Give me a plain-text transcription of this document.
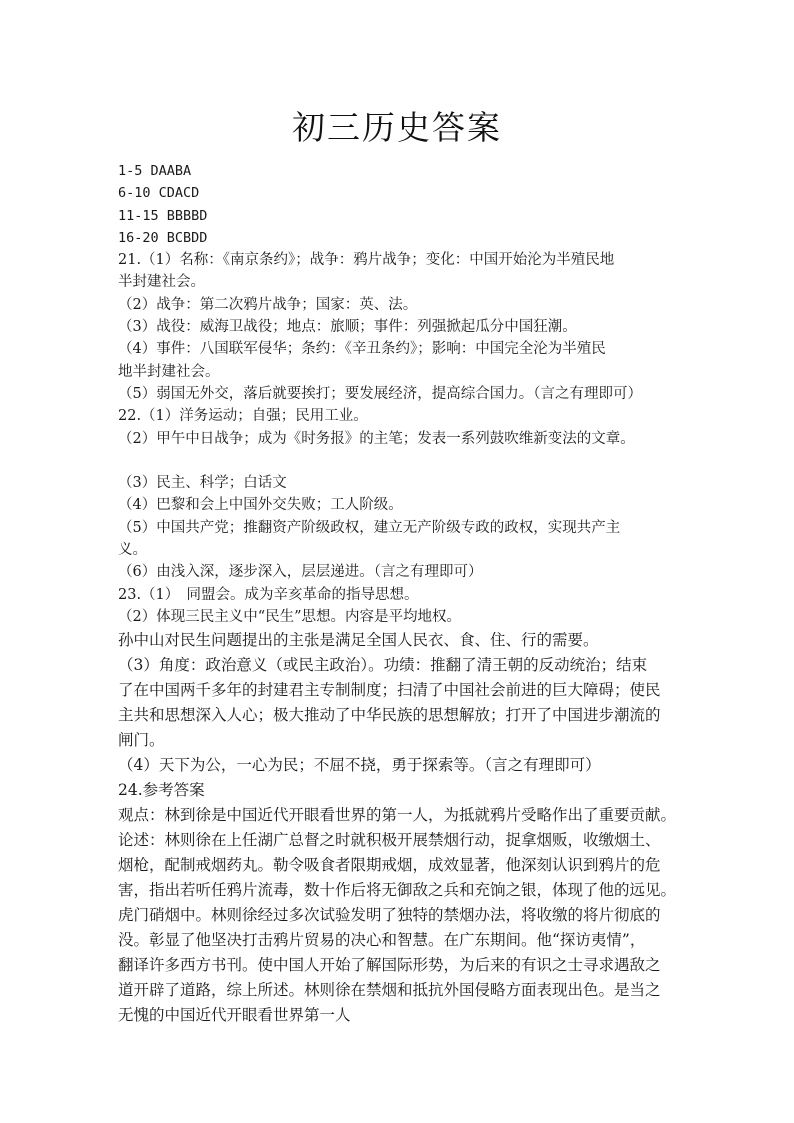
初三历史答案
1-5 DAABA
6-10 CDACD
11-15 BBBBD
16-20 BCBDD
21.（1）名称：《南京条约》；战争：鸦片战争；变化：中国开始沦为半殖民地
半封建社会。
（2）战争：第二次鸦片战争；国家：英、法。
（3）战役：威海卫战役；地点：旅顺；事件：列强掀起瓜分中国狂潮。
（4）事件：八国联军侵华；条约：《辛丑条约》；影响：中国完全沦为半殖民
地半封建社会。
（5）弱国无外交，落后就要挨打；要发展经济，提高综合国力。（言之有理即可）
22.（1）洋务运动；自强；民用工业。
（2）甲午中日战争；成为《时务报》的主笔；发表一系列鼓吹维新变法的文章。
（3）民主、科学；白话文
（4）巴黎和会上中国外交失败；工人阶级。
（5）中国共产党；推翻资产阶级政权，建立无产阶级专政的政权，实现共产主
义。
（6）由浅入深，逐步深入，层层递进。（言之有理即可）
23.（1）　同盟会。成为辛亥革命的指导思想。
（2）体现三民主义中“民生”思想。内容是平均地权。
孙中山对民生问题提出的主张是满足全国人民衣、食、住、行的需要。
（3）角度：政治意义（或民主政治）。功绩：推翻了清王朝的反动统治；结束
了在中国两千多年的封建君主专制制度；扫清了中国社会前进的巨大障碍；使民
主共和思想深入人心；极大推动了中华民族的思想解放；打开了中国进步潮流的
闸门。
（4）天下为公，一心为民；不屈不挠，勇于探索等。（言之有理即可）
24.参考答案
观点：林到徐是中国近代开眼看世界的第一人，为抵就鸦片受略作出了重要贡献。
论述：林则徐在上任湖广总督之时就积极开展禁烟行动，捉拿烟贩，收缴烟土、
烟枪，配制戒烟药丸。勒令吸食者限期戒烟，成效显著，他深刻认识到鸦片的危
害，指出若听任鸦片流毒，数十作后将无御敌之兵和充饷之银，体现了他的远见。
虎门硝烟中。林则徐经过多次试验发明了独特的禁烟办法，将收缴的将片彻底的
没。彰显了他坚决打击鸦片贸易的决心和智慧。在广东期间。他“探访夷情”，
翻译许多西方书刊。使中国人开始了解国际形势，为后来的有识之士寻求遇敌之
道开辟了道路，综上所述。林则徐在禁烟和抵抗外国侵略方面表现出色。是当之
无愧的中国近代开眼看世界第一人
